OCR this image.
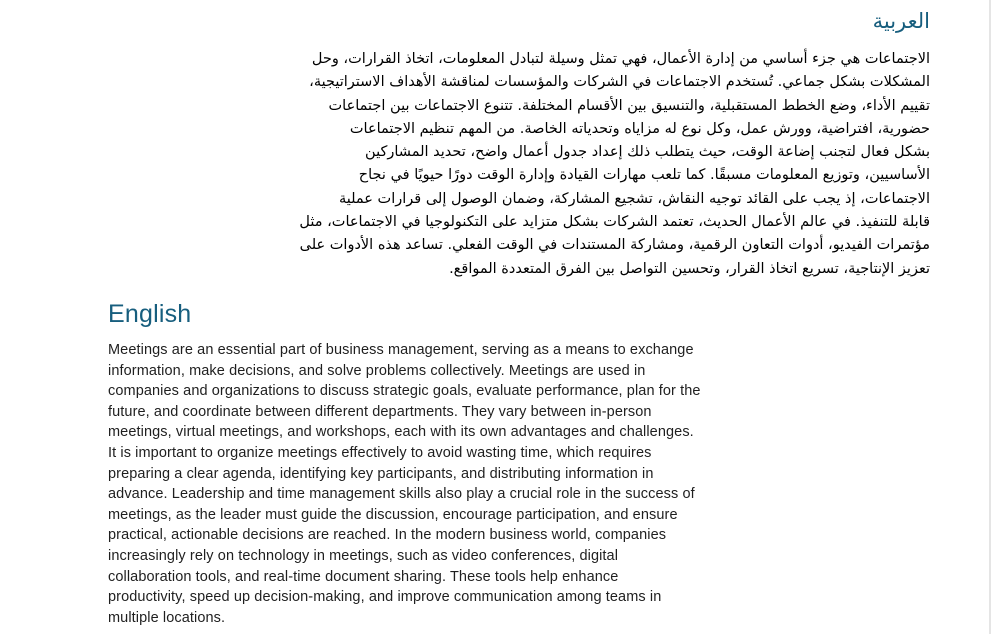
العربية
الاجتماعات هي جزء أساسي من إدارة الأعمال، فهي تمثل وسيلة لتبادل المعلومات، اتخاذ القرارات، وحل
المشكلات بشكل جماعي. تُستخدم الاجتماعات في الشركات والمؤسسات لمناقشة الأهداف الاستراتيجية،
تقييم الأداء، وضع الخطط المستقبلية، والتنسيق بين الأقسام المختلفة. تتنوع الاجتماعات بين اجتماعات
حضورية، افتراضية، وورش عمل، وكل نوع له مزاياه وتحدياته الخاصة. من المهم تنظيم الاجتماعات
بشكل فعال لتجنب إضاعة الوقت، حيث يتطلب ذلك إعداد جدول أعمال واضح، تحديد المشاركين
الأساسيين، وتوزيع المعلومات مسبقًا. كما تلعب مهارات القيادة وإدارة الوقت دورًا حيويًا في نجاح
الاجتماعات، إذ يجب على القائد توجيه النقاش، تشجيع المشاركة، وضمان الوصول إلى قرارات عملية
قابلة للتنفيذ. في عالم الأعمال الحديث، تعتمد الشركات بشكل متزايد على التكنولوجيا في الاجتماعات، مثل
مؤتمرات الفيديو، أدوات التعاون الرقمية، ومشاركة المستندات في الوقت الفعلي. تساعد هذه الأدوات على
تعزيز الإنتاجية، تسريع اتخاذ القرار، وتحسين التواصل بين الفرق المتعددة المواقع.
English
Meetings are an essential part of business management, serving as a means to exchange
information, make decisions, and solve problems collectively. Meetings are used in
companies and organizations to discuss strategic goals, evaluate performance, plan for the
future, and coordinate between different departments. They vary between in-person
meetings, virtual meetings, and workshops, each with its own advantages and challenges.
It is important to organize meetings effectively to avoid wasting time, which requires
preparing a clear agenda, identifying key participants, and distributing information in
advance. Leadership and time management skills also play a crucial role in the success of
meetings, as the leader must guide the discussion, encourage participation, and ensure
practical, actionable decisions are reached. In the modern business world, companies
increasingly rely on technology in meetings, such as video conferences, digital
collaboration tools, and real-time document sharing. These tools help enhance
productivity, speed up decision-making, and improve communication among teams in
multiple locations.
